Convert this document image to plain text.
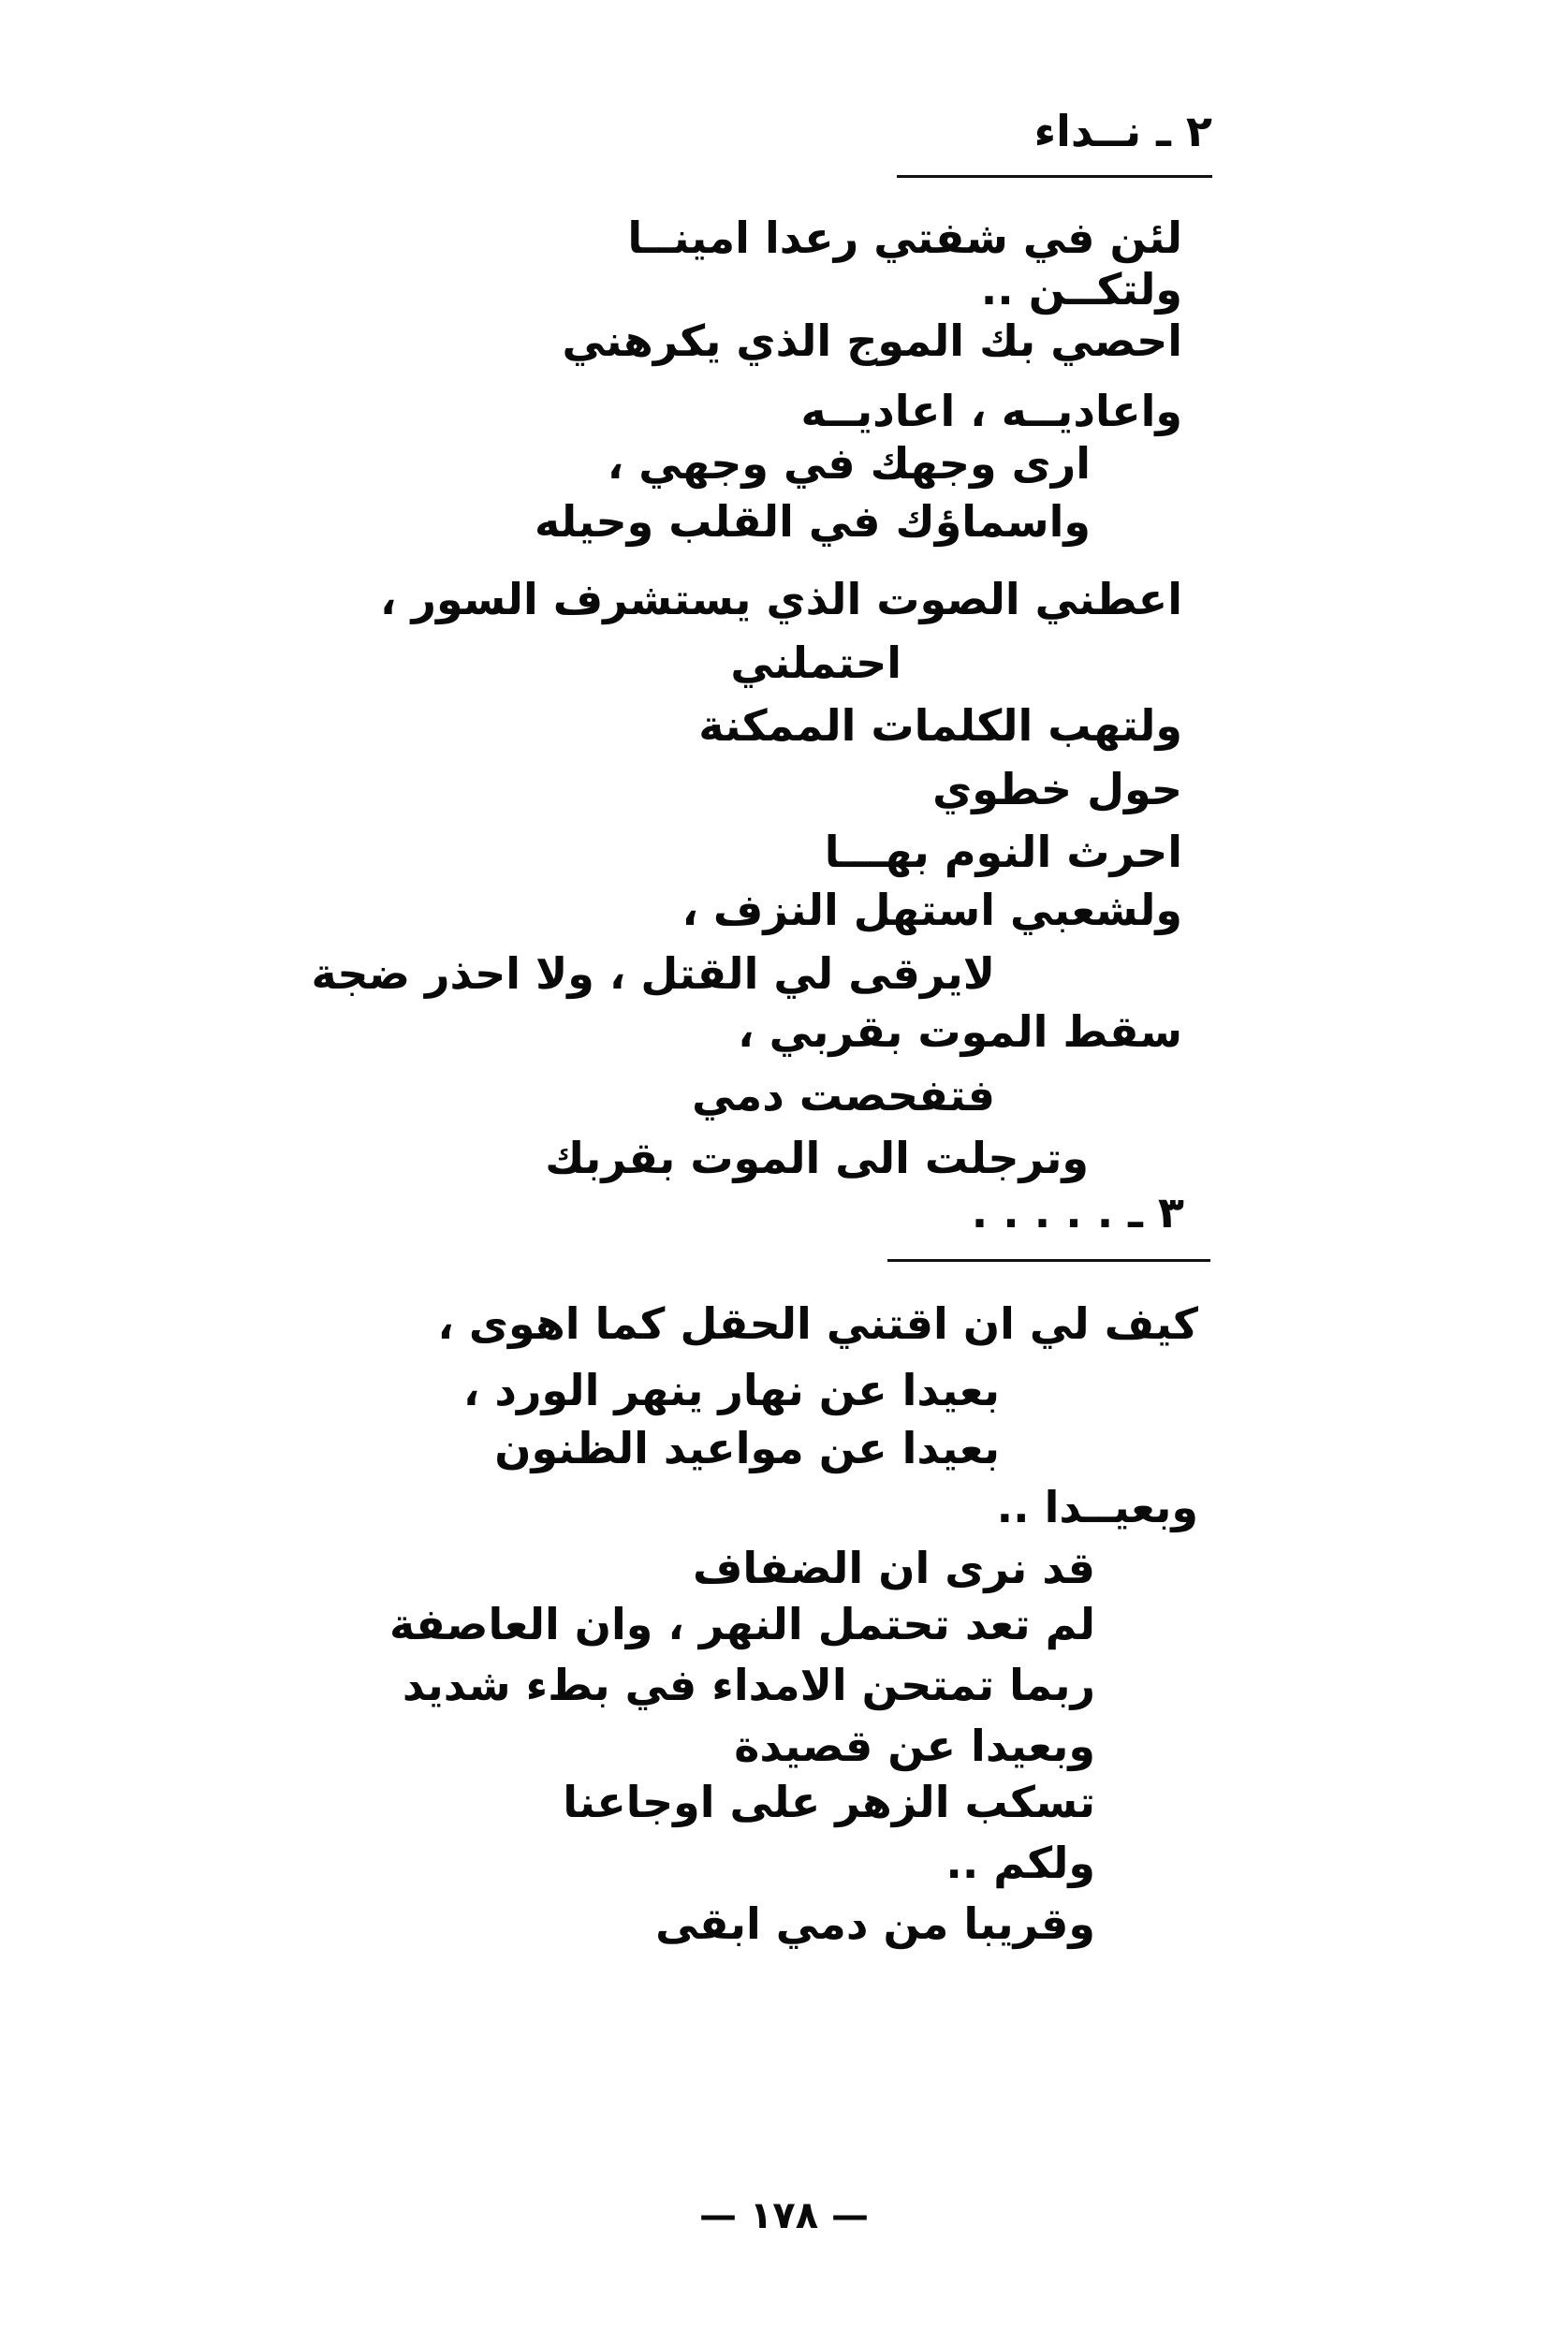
٢ ـ نــداء
لئن في شفتي رعدا امينــا
ولتكــن ..
احصي بك الموج الذي يكرهني
واعاديــه ، اعاديــه
ارى وجهك في وجهي ،
واسماؤك في القلب وحيله
اعطني الصوت الذي يستشرف السور ،
احتملني
ولتهب الكلمات الممكنة
حول خطوي
احرث النوم بهـــا
ولشعبي استهل النزف ،
لايرقى لي القتل ، ولا احذر ضجة
سقط الموت بقربي ،
فتفحصت دمي
وترجلت الى الموت بقربك
٣ ـ . . . . .
كيف لي ان اقتني الحقل كما اهوى ،
بعيدا عن نهار ينهر الورد ،
بعيدا عن مواعيد الظنون
وبعيــدا ..
قد نرى ان الضفاف
لم تعد تحتمل النهر ، وان العاصفة
ربما تمتحن الامداء في بطء شديد
وبعيدا عن قصيدة
تسكب الزهر على اوجاعنا
ولكم ..
وقريبا من دمي ابقى
— ١٧٨ —
